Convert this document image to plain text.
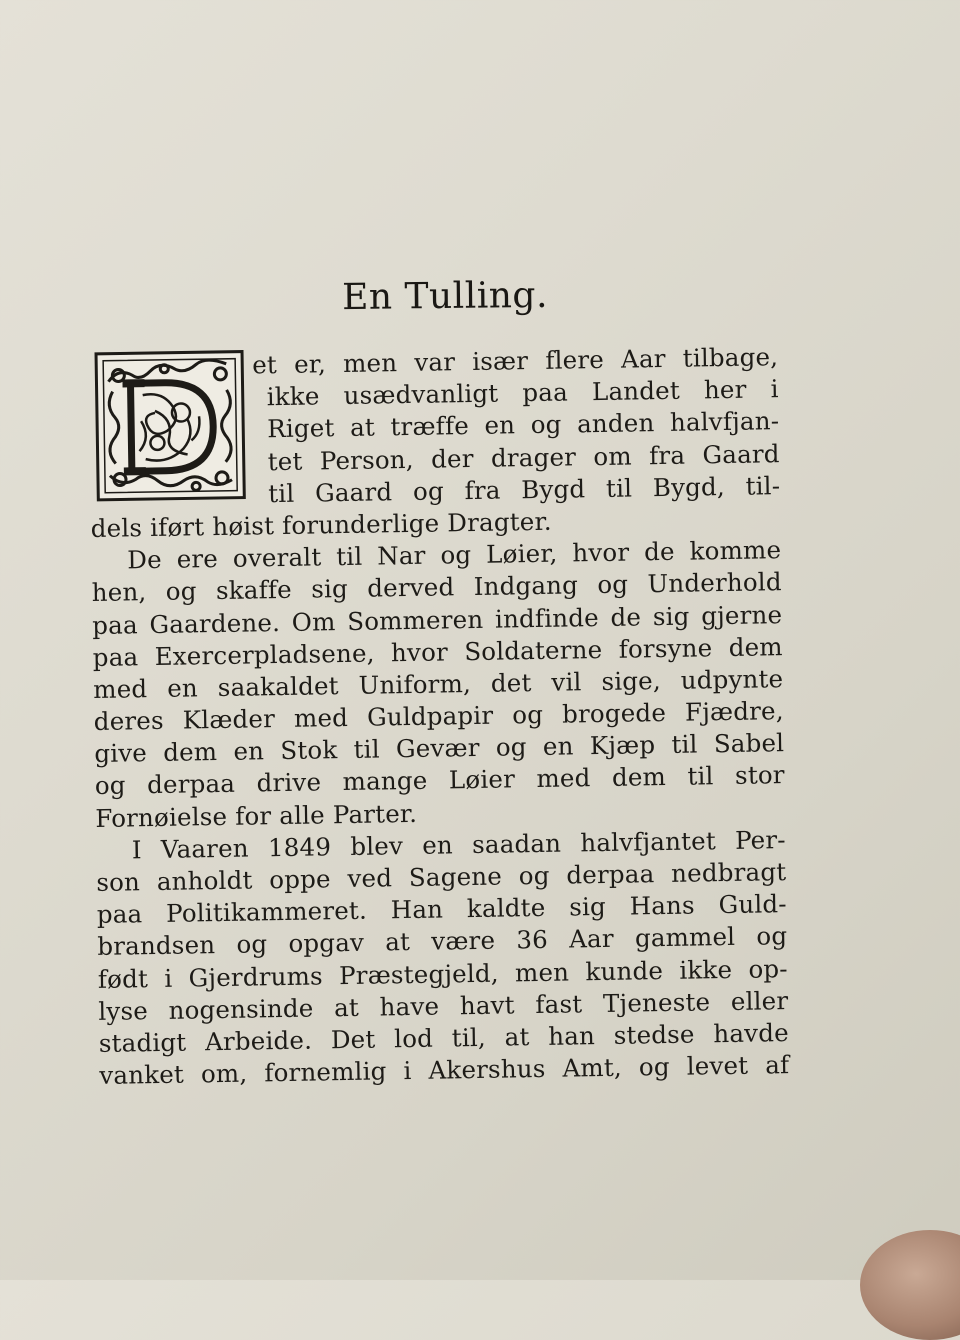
En Tulling.
et er, men var især flere Aar tilbage,
ikke usædvanligt paa Landet her i
Riget at træffe en og anden halvfjan-
tet Person, der drager om fra Gaard
til Gaard og fra Bygd til Bygd, til-
dels iført høist forunderlige Dragter.
De ere overalt til Nar og Løier, hvor de komme
hen, og skaffe sig derved Indgang og Underhold
paa Gaardene. Om Sommeren indfinde de sig gjerne
paa Exercerpladsene, hvor Soldaterne forsyne dem
med en saakaldet Uniform, det vil sige, udpynte
deres Klæder med Guldpapir og brogede Fjædre,
give dem en Stok til Gevær og en Kjæp til Sabel
og derpaa drive mange Løier med dem til stor
Fornøielse for alle Parter.
I Vaaren 1849 blev en saadan halvfjantet Per-
son anholdt oppe ved Sagene og derpaa nedbragt
paa Politikammeret. Han kaldte sig Hans Guld-
brandsen og opgav at være 36 Aar gammel og
født i Gjerdrums Præstegjeld, men kunde ikke op-
lyse nogensinde at have havt fast Tjeneste eller
stadigt Arbeide. Det lod til, at han stedse havde
vanket om, fornemlig i Akershus Amt, og levet af
